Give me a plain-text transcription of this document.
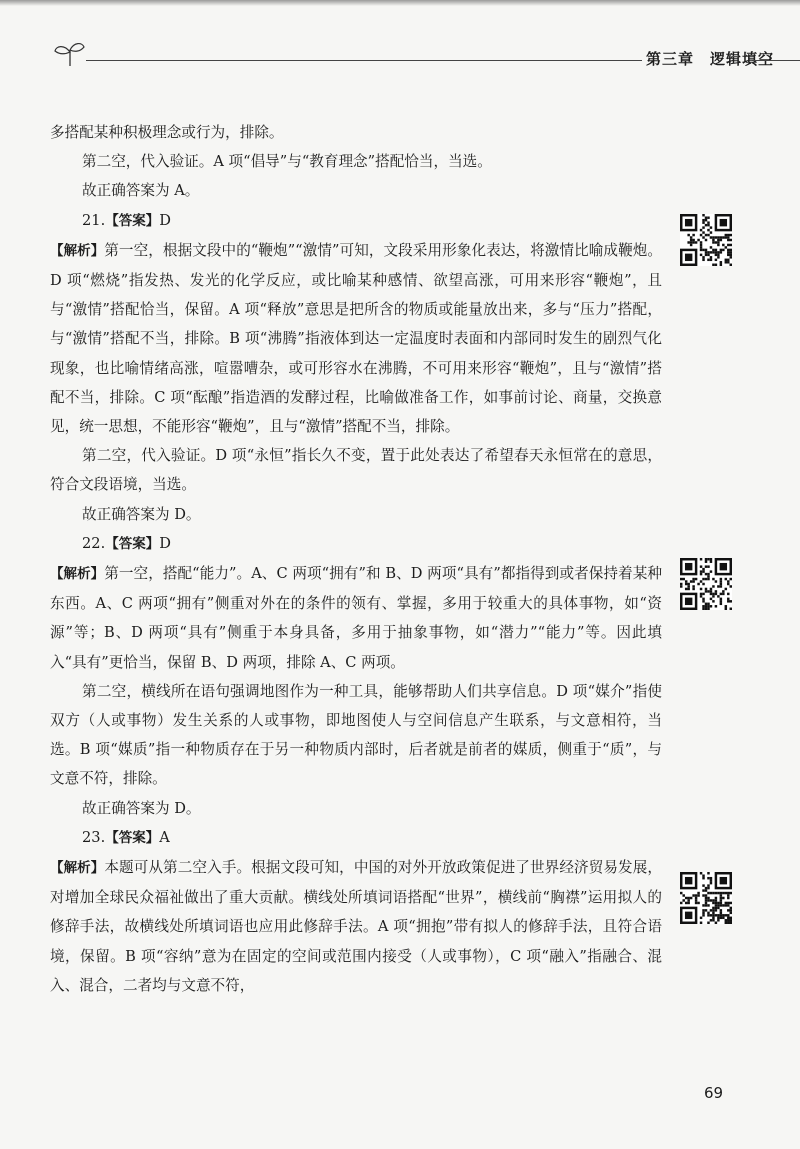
第三章 逻辑填空

多搭配某种积极理念或行为，排除。

第二空，代入验证。A 项“倡导”与“教育理念”搭配恰当，当选。

故正确答案为 A。

21.【答案】D

【解析】第一空，根据文段中的“鞭炮”“激情”可知，文段采用形象化表达，将激情比喻成鞭炮。D 项“燃烧”指发热、发光的化学反应，或比喻某种感情、欲望高涨，可用来形容“鞭炮”，且与“激情”搭配恰当，保留。A 项“释放”意思是把所含的物质或能量放出来，多与“压力”搭配，与“激情”搭配不当，排除。B 项“沸腾”指液体到达一定温度时表面和内部同时发生的剧烈气化现象，也比喻情绪高涨，喧嚣嘈杂，或可形容水在沸腾，不可用来形容“鞭炮”，且与“激情”搭配不当，排除。C 项“酝酿”指造酒的发酵过程，比喻做准备工作，如事前讨论、商量，交换意见，统一思想，不能形容“鞭炮”，且与“激情”搭配不当，排除。

第二空，代入验证。D 项“永恒”指长久不变，置于此处表达了希望春天永恒常在的意思，符合文段语境，当选。

故正确答案为 D。

22.【答案】D

【解析】第一空，搭配“能力”。A、C 两项“拥有”和 B、D 两项“具有”都指得到或者保持着某种东西。A、C 两项“拥有”侧重对外在的条件的领有、掌握，多用于较重大的具体事物，如“资源”等；B、D 两项“具有”侧重于本身具备，多用于抽象事物，如“潜力”“能力”等。因此填入“具有”更恰当，保留 B、D 两项，排除 A、C 两项。

第二空，横线所在语句强调地图作为一种工具，能够帮助人们共享信息。D 项“媒介”指使双方（人或事物）发生关系的人或事物，即地图使人与空间信息产生联系，与文意相符，当选。B 项“媒质”指一种物质存在于另一种物质内部时，后者就是前者的媒质，侧重于“质”，与文意不符，排除。

故正确答案为 D。

23.【答案】A

【解析】本题可从第二空入手。根据文段可知，中国的对外开放政策促进了世界经济贸易发展，对增加全球民众福祉做出了重大贡献。横线处所填词语搭配“世界”，横线前“胸襟”运用拟人的修辞手法，故横线处所填词语也应用此修辞手法。A 项“拥抱”带有拟人的修辞手法，且符合语境，保留。B 项“容纳”意为在固定的空间或范围内接受（人或事物），C 项“融入”指融合、混入、混合，二者均与文意不符，

69
